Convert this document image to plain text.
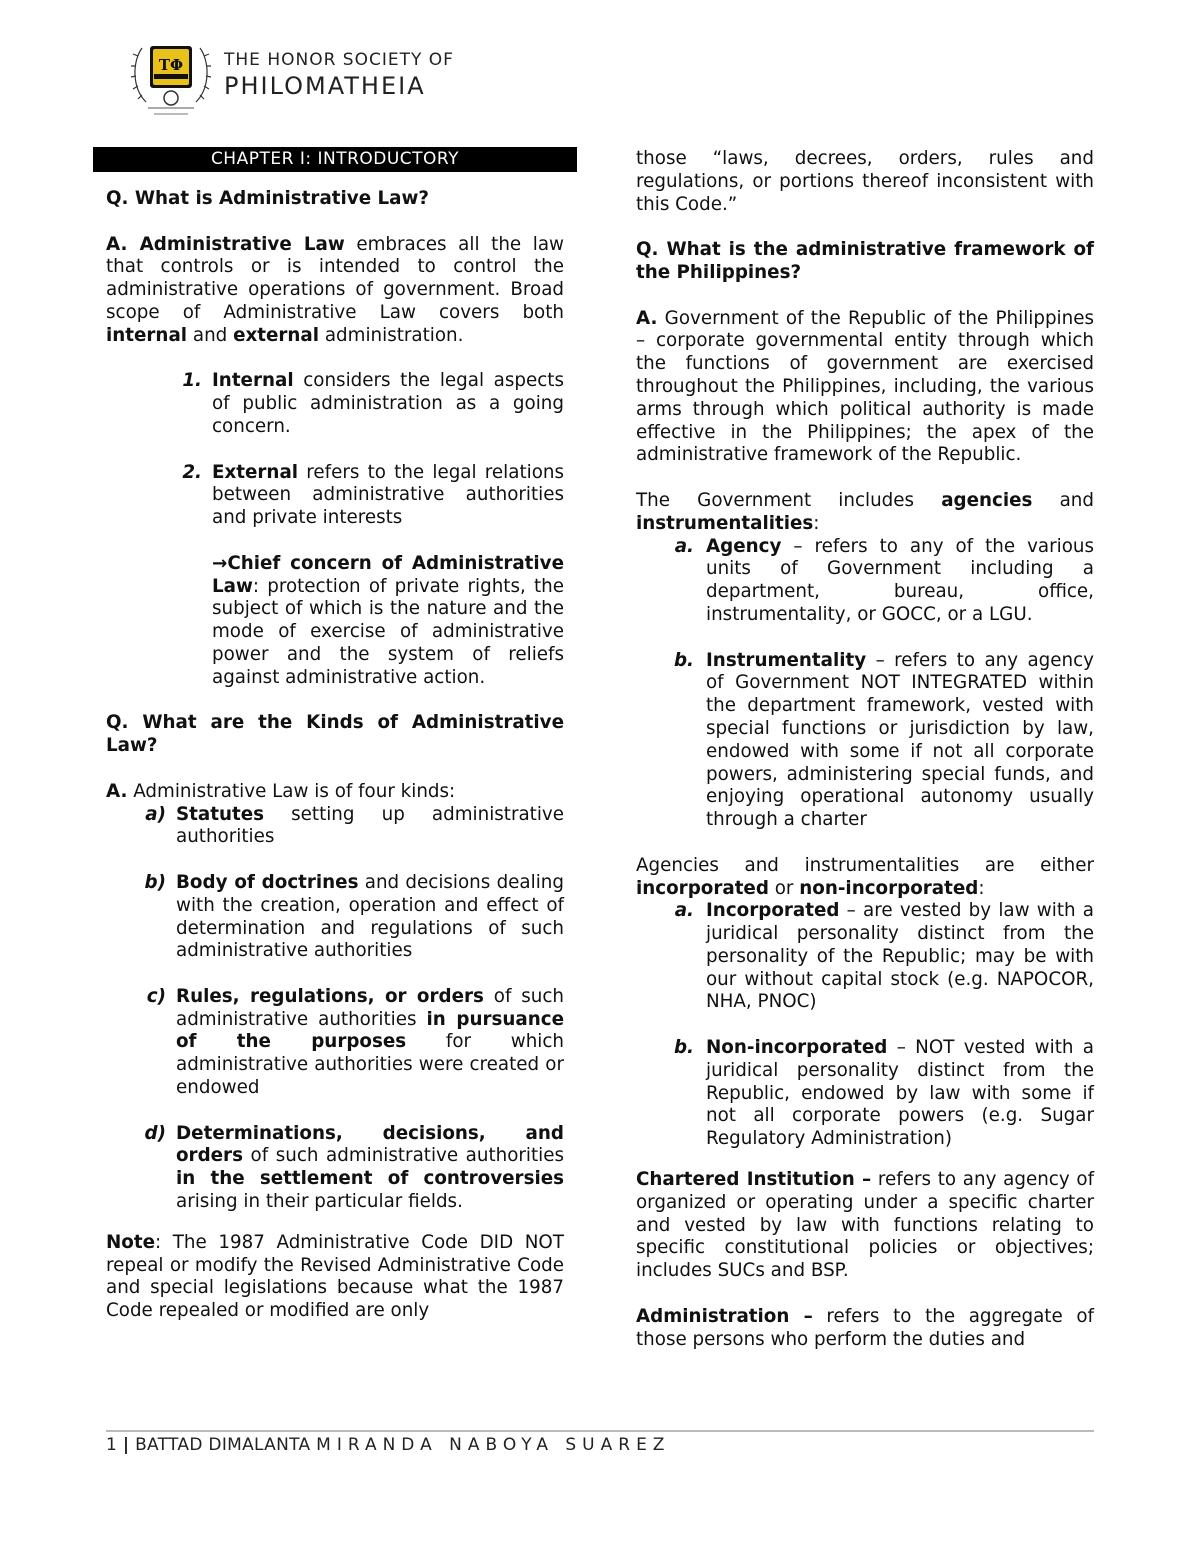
ΤΦ THE HONOR SOCIETY OF
PHILOMATHEIA
CHAPTER I: INTRODUCTORY

Q. What is Administrative Law?

A. Administrative Law embraces all the law that controls or is intended to control the administrative operations of government. Broad scope of Administrative Law covers both internal and external administration.

1. Internal considers the legal aspects of public administration as a going concern.
2. External refers to the legal relations between administrative authorities and private interests
→Chief concern of Administrative Law: protection of private rights, the subject of which is the nature and the mode of exercise of administrative power and the system of reliefs against administrative action.

Q. What are the Kinds of Administrative Law?

A. Administrative Law is of four kinds:

a) Statutes setting up administrative authorities
b) Body of doctrines and decisions dealing with the creation, operation and effect of determination and regulations of such administrative authorities
c) Rules, regulations, or orders of such administrative authorities in pursuance of the purposes for which administrative authorities were created or endowed
d) Determinations, decisions, and orders of such administrative authorities in the settlement of controversies arising in their particular fields.

Note: The 1987 Administrative Code DID NOT repeal or modify the Revised Administrative Code and special legislations because what the 1987 Code repealed or modified are only

those “laws, decrees, orders, rules and regulations, or portions thereof inconsistent with this Code.”

Q. What is the administrative framework of the Philippines?

A. Government of the Republic of the Philippines – corporate governmental entity through which the functions of government are exercised throughout the Philippines, including, the various arms through which political authority is made effective in the Philippines; the apex of the administrative framework of the Republic.

The Government includes agencies and instrumentalities:

a. Agency – refers to any of the various units of Government including a department, bureau, office, instrumentality, or GOCC, or a LGU.
b. Instrumentality – refers to any agency of Government NOT INTEGRATED within the department framework, vested with special functions or jurisdiction by law, endowed with some if not all corporate powers, administering special funds, and enjoying operational autonomy usually through a charter

Agencies and instrumentalities are either incorporated or non-incorporated:

a. Incorporated – are vested by law with a juridical personality distinct from the personality of the Republic; may be with our without capital stock (e.g. NAPOCOR, NHA, PNOC)
b. Non-incorporated – NOT vested with a juridical personality distinct from the Republic, endowed by law with some if not all corporate powers (e.g. Sugar Regulatory Administration)

Chartered Institution – refers to any agency of organized or operating under a specific charter and vested by law with functions relating to specific constitutional policies or objectives; includes SUCs and BSP.

Administration – refers to the aggregate of those persons who perform the duties and

1 | BATTAD DIMALANTA MIRANDA NABOYA SUAREZ
